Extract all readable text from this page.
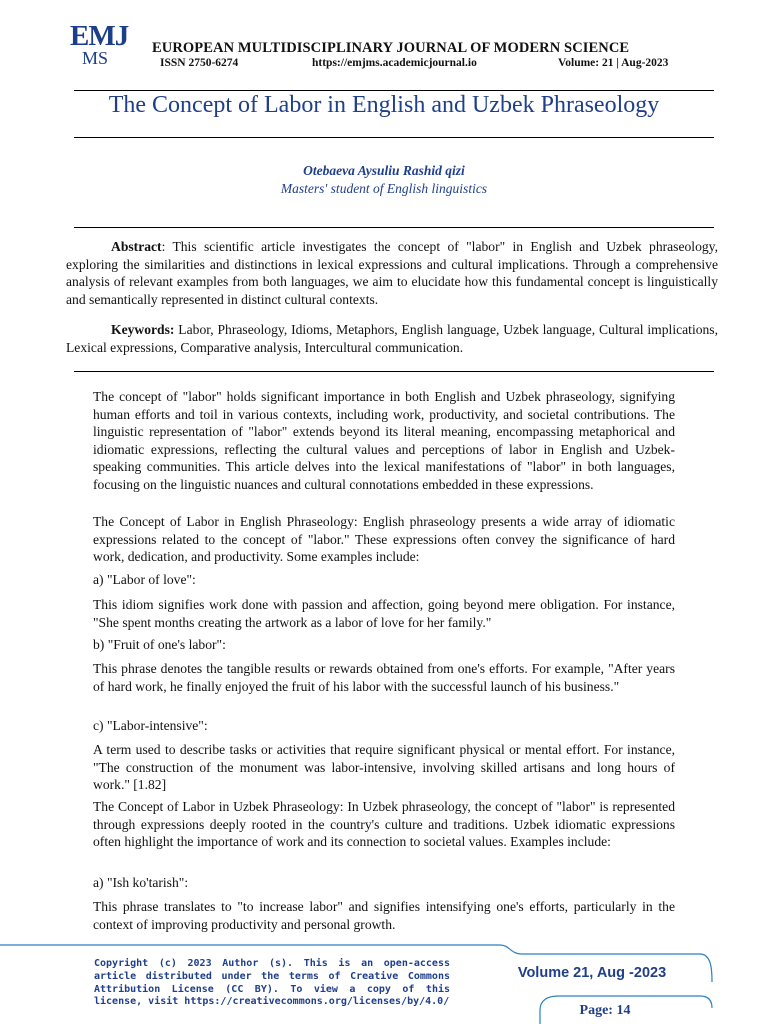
EMJ
MS	EUROPEAN MULTIDISCIPLINARY JOURNAL OF MODERN SCIENCE
ISSN 2750-6274	https://emjms.academicjournal.io	Volume: 21 | Aug-2023
The Concept of Labor in English and Uzbek Phraseology
Otebaeva Aysuliu Rashid qizi
Masters' student of English linguistics
Abstract: This scientific article investigates the concept of "labor" in English and Uzbek phraseology, exploring the similarities and distinctions in lexical expressions and cultural implications. Through a comprehensive analysis of relevant examples from both languages, we aim to elucidate how this fundamental concept is linguistically and semantically represented in distinct cultural contexts.
Keywords: Labor, Phraseology, Idioms, Metaphors, English language, Uzbek language, Cultural implications, Lexical expressions, Comparative analysis, Intercultural communication.
The concept of "labor" holds significant importance in both English and Uzbek phraseology, signifying human efforts and toil in various contexts, including work, productivity, and societal contributions. The linguistic representation of "labor" extends beyond its literal meaning, encompassing metaphorical and idiomatic expressions, reflecting the cultural values and perceptions of labor in English and Uzbek-speaking communities. This article delves into the lexical manifestations of "labor" in both languages, focusing on the linguistic nuances and cultural connotations embedded in these expressions.
The Concept of Labor in English Phraseology: English phraseology presents a wide array of idiomatic expressions related to the concept of "labor." These expressions often convey the significance of hard work, dedication, and productivity. Some examples include:
a) "Labor of love":
This idiom signifies work done with passion and affection, going beyond mere obligation. For instance, "She spent months creating the artwork as a labor of love for her family."
b) "Fruit of one's labor":
This phrase denotes the tangible results or rewards obtained from one's efforts. For example, "After years of hard work, he finally enjoyed the fruit of his labor with the successful launch of his business."
c) "Labor-intensive":
A term used to describe tasks or activities that require significant physical or mental effort. For instance, "The construction of the monument was labor-intensive, involving skilled artisans and long hours of work." [1.82]
The Concept of Labor in Uzbek Phraseology: In Uzbek phraseology, the concept of "labor" is represented through expressions deeply rooted in the country's culture and traditions. Uzbek idiomatic expressions often highlight the importance of work and its connection to societal values. Examples include:
a) "Ish ko'tarish":
This phrase translates to "to increase labor" and signifies intensifying one's efforts, particularly in the context of improving productivity and personal growth.
Copyright (c) 2023 Author (s). This is an open-access article distributed under the terms of Creative Commons Attribution License (CC BY). To view a copy of this license, visit https://creativecommons.org/licenses/by/4.0/
Volume 21, Aug -2023
Page: 14
